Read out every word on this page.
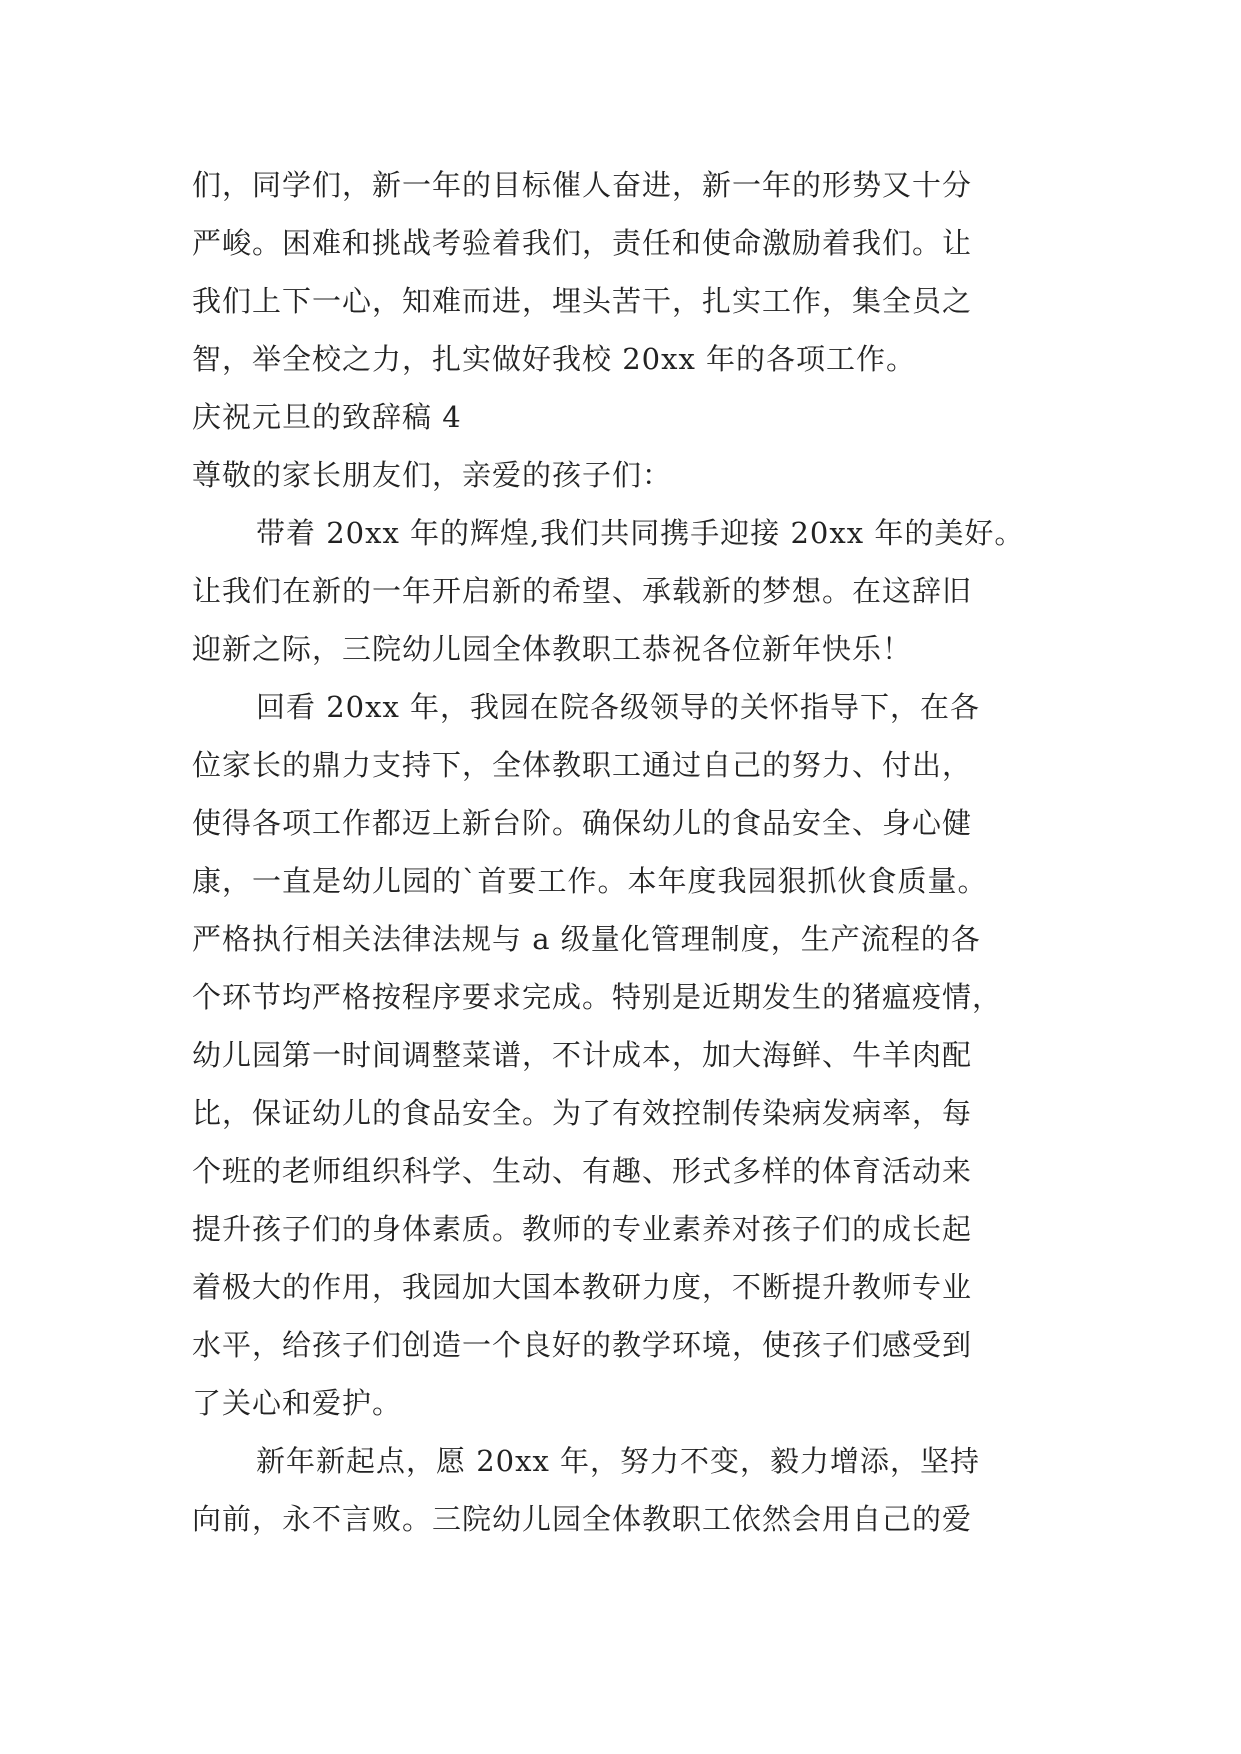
们，同学们，新一年的目标催人奋进，新一年的形势又十分
严峻。困难和挑战考验着我们，责任和使命激励着我们。让
我们上下一心，知难而进，埋头苦干，扎实工作，集全员之
智，举全校之力，扎实做好我校 20xx 年的各项工作。
庆祝元旦的致辞稿 4
尊敬的家长朋友们，亲爱的孩子们：
带着 20xx 年的辉煌,我们共同携手迎接 20xx 年的美好。
让我们在新的一年开启新的希望、承载新的梦想。在这辞旧
迎新之际，三院幼儿园全体教职工恭祝各位新年快乐！
回看 20xx 年，我园在院各级领导的关怀指导下，在各
位家长的鼎力支持下，全体教职工通过自己的努力、付出，
使得各项工作都迈上新台阶。确保幼儿的食品安全、身心健
康，一直是幼儿园的`首要工作。本年度我园狠抓伙食质量。
严格执行相关法律法规与 a 级量化管理制度，生产流程的各
个环节均严格按程序要求完成。特别是近期发生的猪瘟疫情，
幼儿园第一时间调整菜谱，不计成本，加大海鲜、牛羊肉配
比，保证幼儿的食品安全。为了有效控制传染病发病率，每
个班的老师组织科学、生动、有趣、形式多样的体育活动来
提升孩子们的身体素质。教师的专业素养对孩子们的成长起
着极大的作用，我园加大国本教研力度，不断提升教师专业
水平，给孩子们创造一个良好的教学环境，使孩子们感受到
了关心和爱护。
新年新起点，愿 20xx 年，努力不变，毅力增添，坚持
向前，永不言败。三院幼儿园全体教职工依然会用自己的爱
